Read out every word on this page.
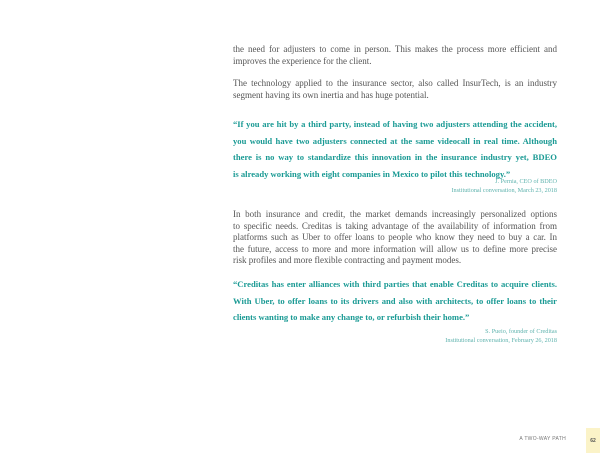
the need for adjusters to come in person. This makes the process more efficient and
improves the experience for the client.
The technology applied to the insurance sector, also called InsurTech, is an industry
segment having its own inertia and has huge potential.
“If you are hit by a third party, instead of having two adjusters attending the accident,
you would have two adjusters connected at the same videocall in real time. Although
there is no way to standardize this innovation in the insurance industry yet, BDEO
is already working with eight companies in Mexico to pilot this technology.”
J. Pernia, CEO of BDEO
Institutional conversation, March 23, 2018
In both insurance and credit, the market demands increasingly personalized options
to specific needs. Creditas is taking advantage of the availability of information from
platforms such as Uber to offer loans to people who know they need to buy a car. In
the future, access to more and more information will allow us to define more precise
risk profiles and more flexible contracting and payment modes.
“Creditas has enter alliances with third parties that enable Creditas to acquire clients.
With Uber, to offer loans to its drivers and also with architects, to offer loans to their
clients wanting to make any change to, or refurbish their home.”
S. Pueio, founder of Creditas
Institutional conversation, February 26, 2018
A TWO-WAY PATH	62
